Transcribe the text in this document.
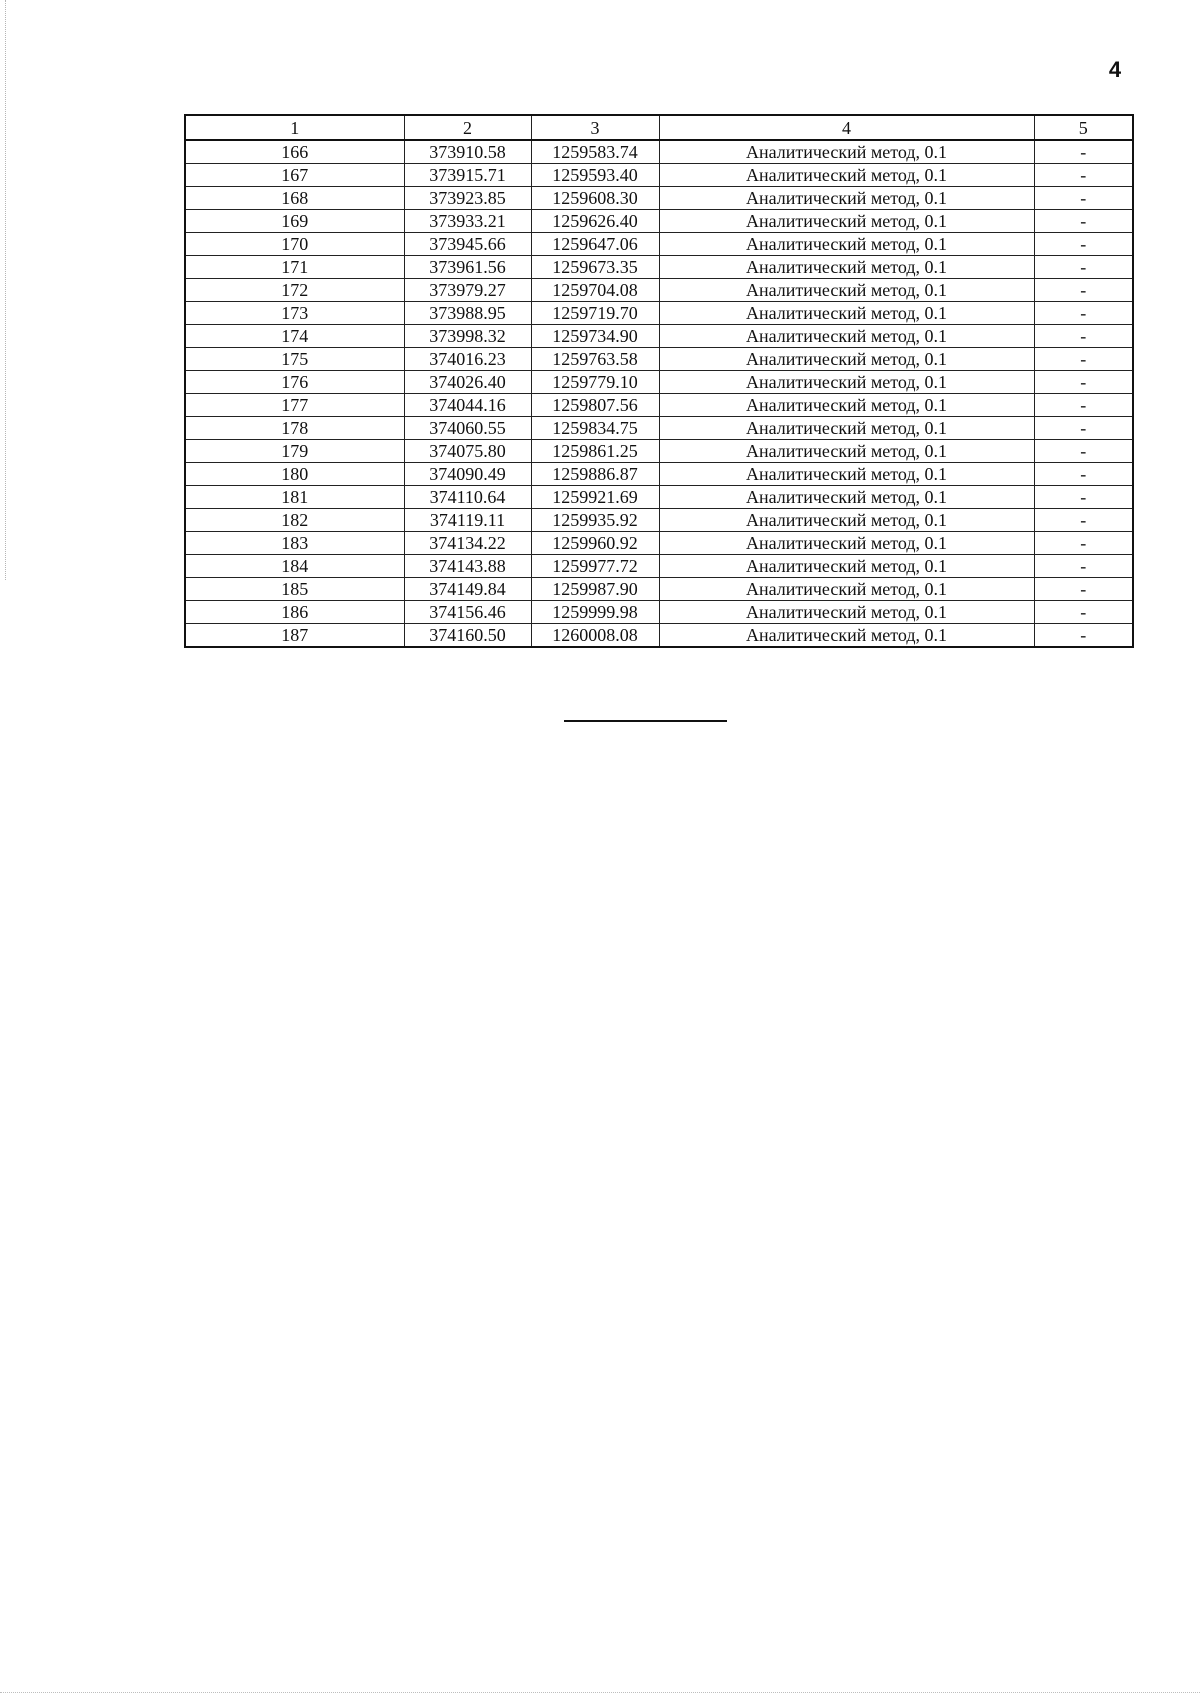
4
1	2	3	4	5
166	373910.58	1259583.74	Аналитический метод, 0.1	-
167	373915.71	1259593.40	Аналитический метод, 0.1	-
168	373923.85	1259608.30	Аналитический метод, 0.1	-
169	373933.21	1259626.40	Аналитический метод, 0.1	-
170	373945.66	1259647.06	Аналитический метод, 0.1	-
171	373961.56	1259673.35	Аналитический метод, 0.1	-
172	373979.27	1259704.08	Аналитический метод, 0.1	-
173	373988.95	1259719.70	Аналитический метод, 0.1	-
174	373998.32	1259734.90	Аналитический метод, 0.1	-
175	374016.23	1259763.58	Аналитический метод, 0.1	-
176	374026.40	1259779.10	Аналитический метод, 0.1	-
177	374044.16	1259807.56	Аналитический метод, 0.1	-
178	374060.55	1259834.75	Аналитический метод, 0.1	-
179	374075.80	1259861.25	Аналитический метод, 0.1	-
180	374090.49	1259886.87	Аналитический метод, 0.1	-
181	374110.64	1259921.69	Аналитический метод, 0.1	-
182	374119.11	1259935.92	Аналитический метод, 0.1	-
183	374134.22	1259960.92	Аналитический метод, 0.1	-
184	374143.88	1259977.72	Аналитический метод, 0.1	-
185	374149.84	1259987.90	Аналитический метод, 0.1	-
186	374156.46	1259999.98	Аналитический метод, 0.1	-
187	374160.50	1260008.08	Аналитический метод, 0.1	-
